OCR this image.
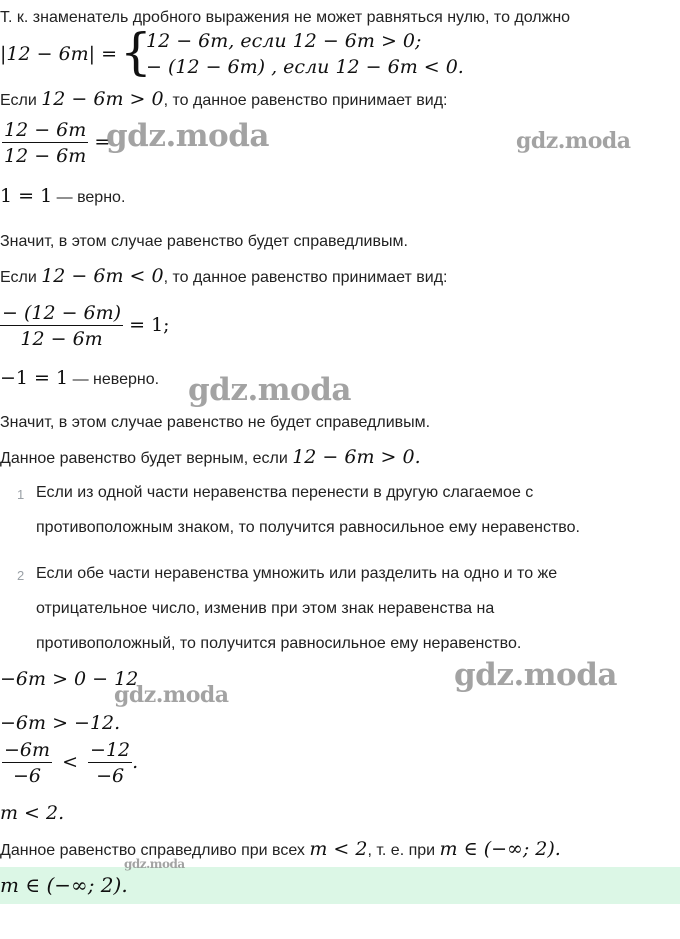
Т. к. знаменатель дробного выражения не может равняться нулю, то должно
|12 − 6m| = {
12 − 6m, если 12 − 6m > 0;
− (12 − 6m) , если 12 − 6m < 0.
Если 12 − 6m > 0, то данное равенство принимает вид:
$\frac{12 - 6m}{12 - 6m}$ =
1 = 1 — верно.
Значит, в этом случае равенство будет справедливым.
Если 12 − 6m < 0, то данное равенство принимает вид:
$\frac{- (12 - 6m)}{12 - 6m} = 1$;
−1 = 1 — неверно.
Значит, в этом случае равенство не будет справедливым.
Данное равенство будет верным, если 12 − 6m > 0.
1 Если из одной части неравенства перенести в другую слагаемое с
противоположным знаком, то получится равносильное ему неравенство.
2 Если обе части неравенства умножить или разделить на одно и то же
отрицательное число, изменив при этом знак неравенства на
противоположный, то получится равносильное ему неравенство.
−6m > 0 − 12
−6m > −12.
$\frac{-6m}{-6} < \frac{-12}{-6}$ .
m < 2.
Данное равенство справедливо при всех m < 2, т. е. при m ∈ (−∞; 2).
m ∈ (−∞; 2).
gdz.moda	gdz.moda
gdz.moda
gdz.moda
gdz.moda
gdz.moda
